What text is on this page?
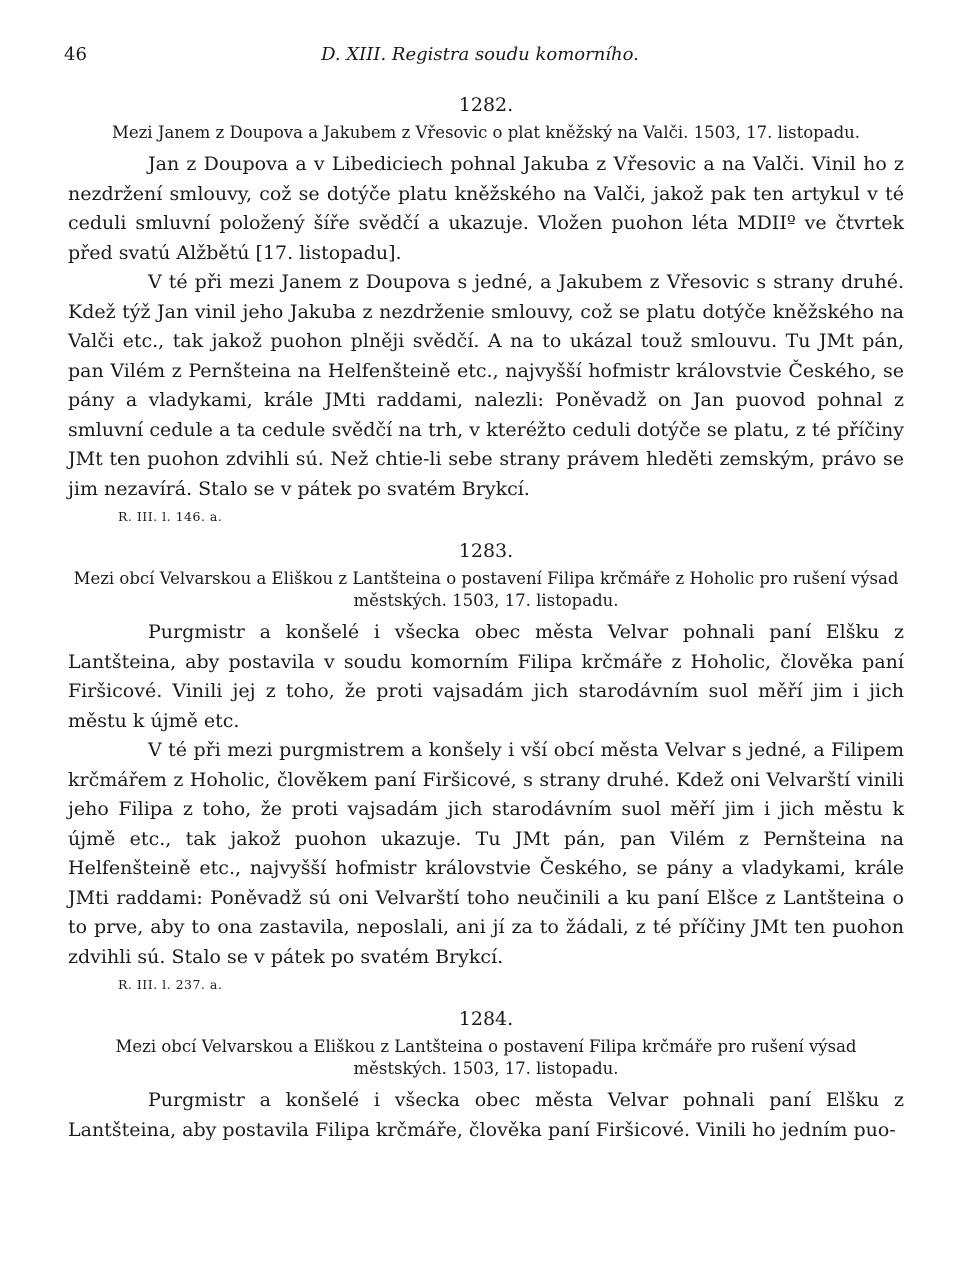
46	D. XIII. Registra soudu komorního.
1282.
Mezi Janem z Doupova a Jakubem z Vřesovic o plat kněžský na Valči. 1503, 17. listopadu.

Jan z Doupova a v Libediciech pohnal Jakuba z Vřesovic a na Valči. Vinil ho z nezdržení smlouvy, což se dotýče platu kněžského na Valči, jakož pak ten artykul v té ceduli smluvní položený šíře svědčí a ukazuje. Vložen puohon léta MDIIº ve čtvrtek před svatú Alžbětú [17. listopadu].

V té při mezi Janem z Doupova s jedné, a Jakubem z Vřesovic s strany druhé. Kdež týž Jan vinil jeho Jakuba z nezdrženie smlouvy, což se platu dotýče kněžského na Valči etc., tak jakož puohon plněji svědčí. A na to ukázal touž smlouvu. Tu JMt pán, pan Vilém z Pernšteina na Helfenšteině etc., najvyšší hofmistr královstvie Českého, se pány a vladykami, krále JMti raddami, nalezli: Poněvadž on Jan puovod pohnal z smluvní cedule a ta cedule svědčí na trh, v kteréžto ceduli dotýče se platu, z té příčiny JMt ten puohon zdvihli sú. Než chtie-li sebe strany právem hleděti zemským, právo se jim nezavírá. Stalo se v pátek po svatém Brykcí.

R. III. l. 146. a.
1283.
Mezi obcí Velvarskou a Eliškou z Lantšteina o postavení Filipa krčmáře z Hoholic pro rušení výsad městských. 1503, 17. listopadu.

Purgmistr a konšelé i všecka obec města Velvar pohnali paní Elšku z Lantšteina, aby postavila v soudu komorním Filipa krčmáře z Hoholic, člověka paní Firšicové. Vinili jej z toho, že proti vajsadám jich starodávním suol měří jim i jich městu k újmě etc.

V té při mezi purgmistrem a konšely i vší obcí města Velvar s jedné, a Filipem krčmářem z Hoholic, člověkem paní Firšicové, s strany druhé. Kdež oni Velvarští vinili jeho Filipa z toho, že proti vajsadám jich starodávním suol měří jim i jich městu k újmě etc., tak jakož puohon ukazuje. Tu JMt pán, pan Vilém z Pernšteina na Helfenšteině etc., najvyšší hofmistr královstvie Českého, se pány a vladykami, krále JMti raddami: Poněvadž sú oni Velvarští toho neučinili a ku paní Elšce z Lantšteina o to prve, aby to ona zastavila, neposlali, ani jí za to žádali, z té příčiny JMt ten puohon zdvihli sú. Stalo se v pátek po svatém Brykcí.

R. III. l. 237. a.
1284.
Mezi obcí Velvarskou a Eliškou z Lantšteina o postavení Filipa krčmáře pro rušení výsad městských. 1503, 17. listopadu.

Purgmistr a konšelé i všecka obec města Velvar pohnali paní Elšku z Lantšteina, aby postavila Filipa krčmáře, člověka paní Firšicové. Vinili ho jedním puo-
